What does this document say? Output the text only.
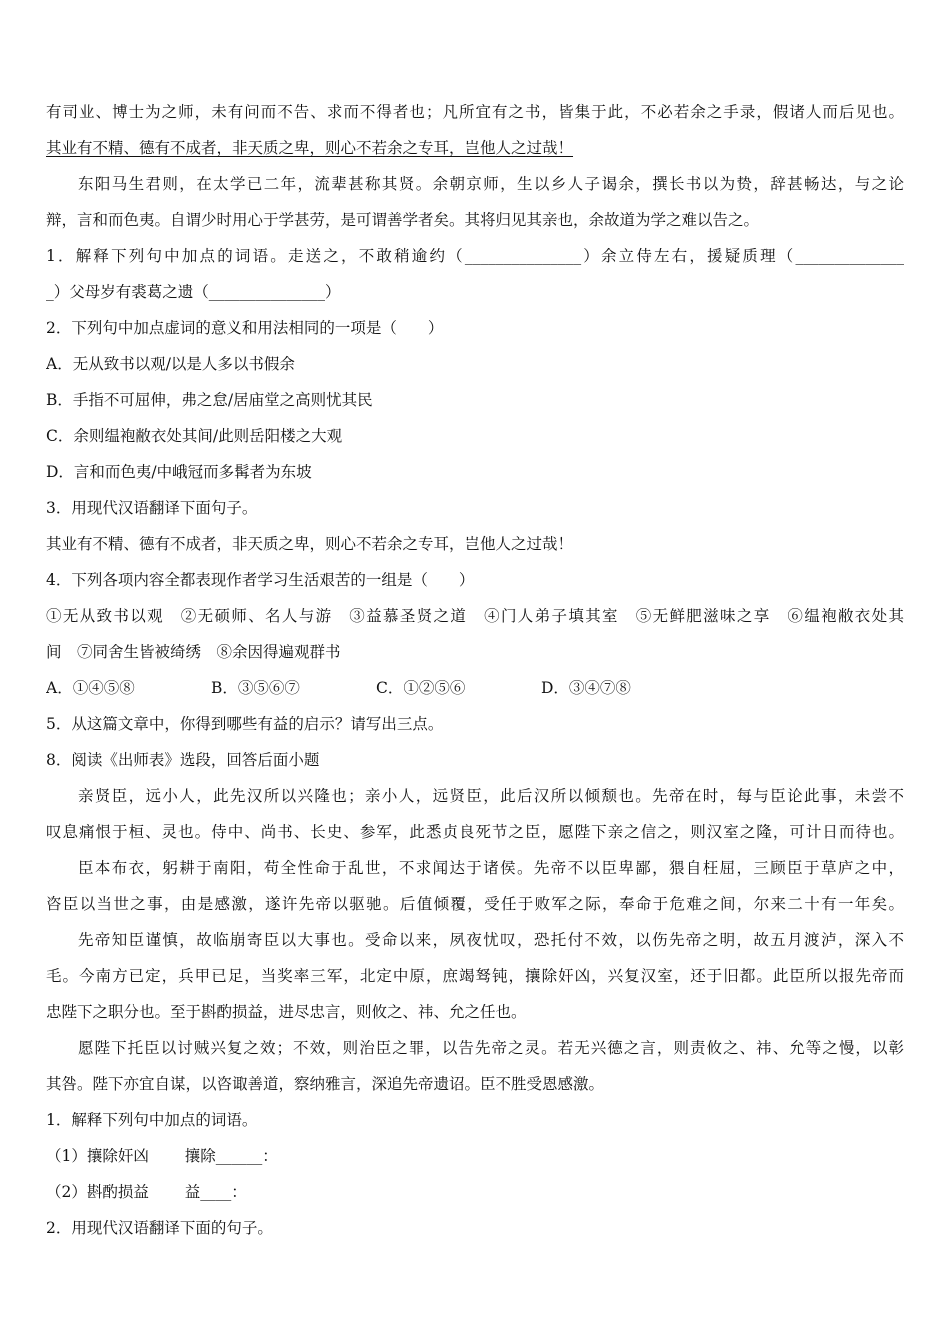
有司业、博士为之师，未有问而不告、求而不得者也；凡所宜有之书，皆集于此，不必若余之手录，假诸人而后见也。
其业有不精、德有不成者，非天质之卑，则心不若余之专耳，岂他人之过哉！
东阳马生君则，在太学已二年，流辈甚称其贤。余朝京师，生以乡人子谒余，撰长书以为贽，辞甚畅达，与之论
辩，言和而色夷。自谓少时用心于学甚劳，是可谓善学者矣。其将归见其亲也，余故道为学之难以告之。
1．解释下列句中加点的词语。走送之，不敢稍逾约（_______________）余立侍左右，援疑质理（______________
_）父母岁有裘葛之遗（_______________）
2．下列句中加点虚词的意义和用法相同的一项是（　　）
A．无从致书以观/以是人多以书假余
B．手指不可屈伸，弗之怠/居庙堂之高则忧其民
C．余则缊袍敝衣处其间/此则岳阳楼之大观
D．言和而色夷/中峨冠而多髯者为东坡
3．用现代汉语翻译下面句子。
其业有不精、德有不成者，非天质之卑，则心不若余之专耳，岂他人之过哉！
4．下列各项内容全都表现作者学习生活艰苦的一组是（　　）
①无从致书以观　②无硕师、名人与游　③益慕圣贤之道　④门人弟子填其室　⑤无鲜肥滋味之享　⑥缊袍敝衣处其
间　⑦同舍生皆被绮绣　⑧余因得遍观群书
A．①④⑤⑧	B．③⑤⑥⑦	C．①②⑤⑥	D．③④⑦⑧
5．从这篇文章中，你得到哪些有益的启示？请写出三点。
8．阅读《出师表》选段，回答后面小题
亲贤臣，远小人，此先汉所以兴隆也；亲小人，远贤臣，此后汉所以倾颓也。先帝在时，每与臣论此事，未尝不
叹息痛恨于桓、灵也。侍中、尚书、长史、参军，此悉贞良死节之臣，愿陛下亲之信之，则汉室之隆，可计日而待也。
臣本布衣，躬耕于南阳，苟全性命于乱世，不求闻达于诸侯。先帝不以臣卑鄙，猥自枉屈，三顾臣于草庐之中，
咨臣以当世之事，由是感激，遂许先帝以驱驰。后值倾覆，受任于败军之际，奉命于危难之间，尔来二十有一年矣。
先帝知臣谨慎，故临崩寄臣以大事也。受命以来，夙夜忧叹，恐托付不效，以伤先帝之明，故五月渡泸，深入不
毛。今南方已定，兵甲已足，当奖率三军，北定中原，庶竭驽钝，攘除奸凶，兴复汉室，还于旧都。此臣所以报先帝而
忠陛下之职分也。至于斟酌损益，进尽忠言，则攸之、祎、允之任也。
愿陛下托臣以讨贼兴复之效；不效，则治臣之罪，以告先帝之灵。若无兴德之言，则责攸之、祎、允等之慢，以彰
其咎。陛下亦宜自谋，以咨诹善道，察纳雅言，深追先帝遗诏。臣不胜受恩感激。
1．解释下列句中加点的词语。
（1）攘除奸凶　　 攘除______：
（2）斟酌损益　　 益____：
2．用现代汉语翻译下面的句子。
